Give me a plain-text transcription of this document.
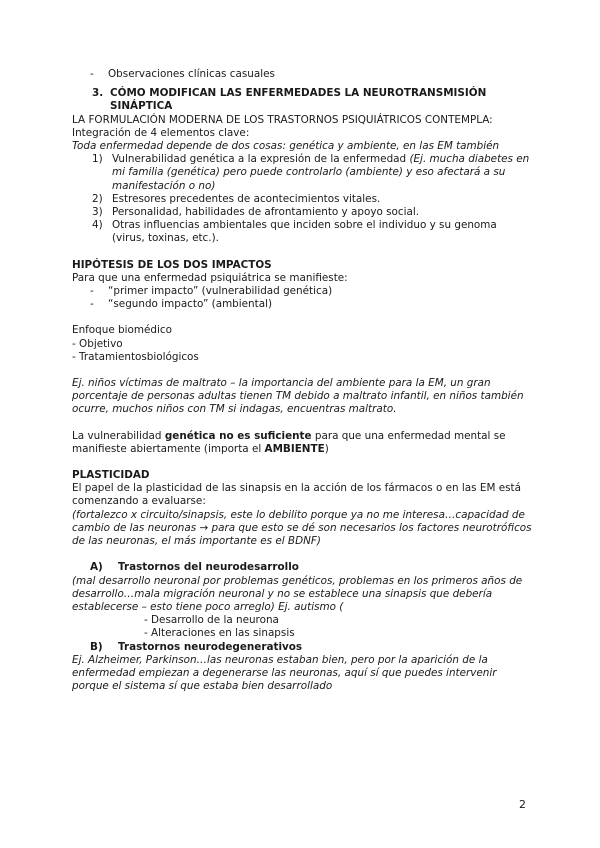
- Observaciones clínicas casuales

3. CÓMO MODIFICAN LAS ENFERMEDADES LA NEUROTRANSMISIÓN SINÁPTICA

LA FORMULACIÓN MODERNA DE LOS TRASTORNOS PSIQUIÁTRICOS CONTEMPLA:

Integración de 4 elementos clave:

Toda enfermedad depende de dos cosas: genética y ambiente, en las EM también

1) Vulnerabilidad genética a la expresión de la enfermedad (Ej. mucha diabetes en mi familia (genética) pero puede controlarlo (ambiente) y eso afectará a su manifestación o no)
2) Estresores precedentes de acontecimientos vitales.
3) Personalidad, habilidades de afrontamiento y apoyo social.
4) Otras influencias ambientales que inciden sobre el individuo y su genoma (virus, toxinas, etc.).

HIPÓTESIS DE LOS DOS IMPACTOS

Para que una enfermedad psiquiátrica se manifieste:

- “primer impacto” (vulnerabilidad genética)

- “segundo impacto” (ambiental)

Enfoque biomédico

- Objetivo

- Tratamientosbiológicos

Ej. niños víctimas de maltrato – la importancia del ambiente para la EM, un gran porcentaje de personas adultas tienen TM debido a maltrato infantil, en niños también ocurre, muchos niños con TM si indagas, encuentras maltrato.

La vulnerabilidad genética no es suficiente para que una enfermedad mental se manifieste abiertamente (importa el AMBIENTE)

PLASTICIDAD

El papel de la plasticidad de las sinapsis en la acción de los fármacos o en las EM está comenzando a evaluarse:

(fortalezco x circuito/sinapsis, este lo debilito porque ya no me interesa…capacidad de cambio de las neuronas → para que esto se dé son necesarios los factores neurotróficos de las neuronas, el más importante es el BDNF)

A) Trastornos del neurodesarrollo

(mal desarrollo neuronal por problemas genéticos, problemas en los primeros años de desarrollo…mala migración neuronal y no se establece una sinapsis que debería establecerse – esto tiene poco arreglo) Ej. autismo (

- Desarrollo de la neurona

- Alteraciones en las sinapsis

B) Trastornos neurodegenerativos

Ej. Alzheimer, Parkinson…las neuronas estaban bien, pero por la aparición de la enfermedad empiezan a degenerarse las neuronas, aquí sí que puedes intervenir porque el sistema sí que estaba bien desarrollado

2
